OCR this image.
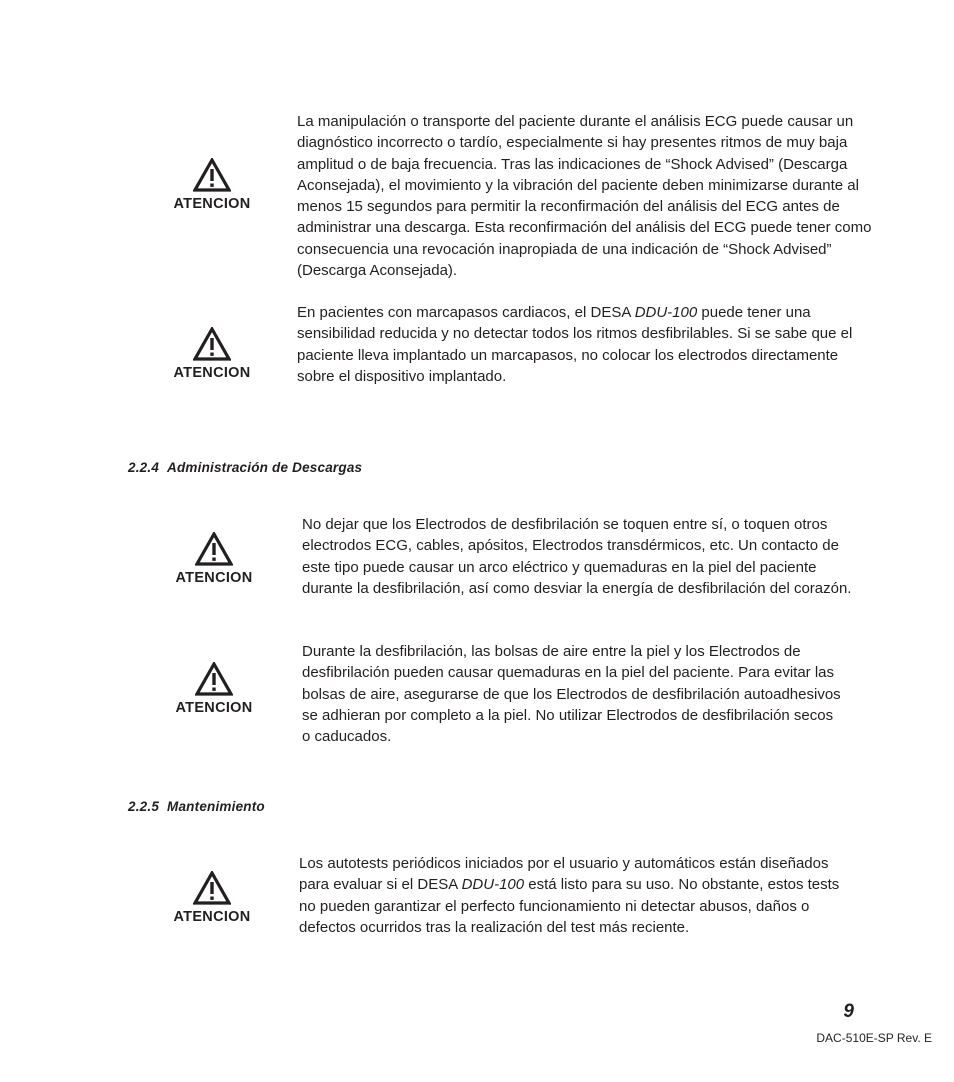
ATENCION

La manipulación o transporte del paciente durante el análisis ECG puede causar un diagnóstico incorrecto o tardío, especialmente si hay presentes ritmos de muy baja amplitud o de baja frecuencia. Tras las indicaciones de “Shock Advised” (Descarga Aconsejada), el movimiento y la vibración del paciente deben minimizarse durante al menos 15 segundos para permitir la reconfirmación del análisis del ECG antes de administrar una descarga. Esta reconfirmación del análisis del ECG puede tener como consecuencia una revocación inapropiada de una indicación de “Shock Advised” (Descarga Aconsejada).

ATENCION

En pacientes con marcapasos cardiacos, el DESA DDU-100 puede tener una sensibilidad reducida y no detectar todos los ritmos desfibrilables. Si se sabe que el paciente lleva implantado un marcapasos, no colocar los electrodos directamente sobre el dispositivo implantado.

2.2.4 Administración de Descargas
ATENCION

No dejar que los Electrodos de desfibrilación se toquen entre sí, o toquen otros electrodos ECG, cables, apósitos, Electrodos transdérmicos, etc. Un contacto de este tipo puede causar un arco eléctrico y quemaduras en la piel del paciente durante la desfibrilación, así como desviar la energía de desfibrilación del corazón.

ATENCION

Durante la desfibrilación, las bolsas de aire entre la piel y los Electrodos de desfibrilación pueden causar quemaduras en la piel del paciente. Para evitar las bolsas de aire, asegurarse de que los Electrodos de desfibrilación autoadhesivos se adhieran por completo a la piel. No utilizar Electrodos de desfibrilación secos o caducados.

2.2.5 Mantenimiento
ATENCION

Los autotests periódicos iniciados por el usuario y automáticos están diseñados para evaluar si el DESA DDU-100 está listo para su uso. No obstante, estos tests no pueden garantizar el perfecto funcionamiento ni detectar abusos, daños o defectos ocurridos tras la realización del test más reciente.

9
DAC-510E-SP Rev. E
